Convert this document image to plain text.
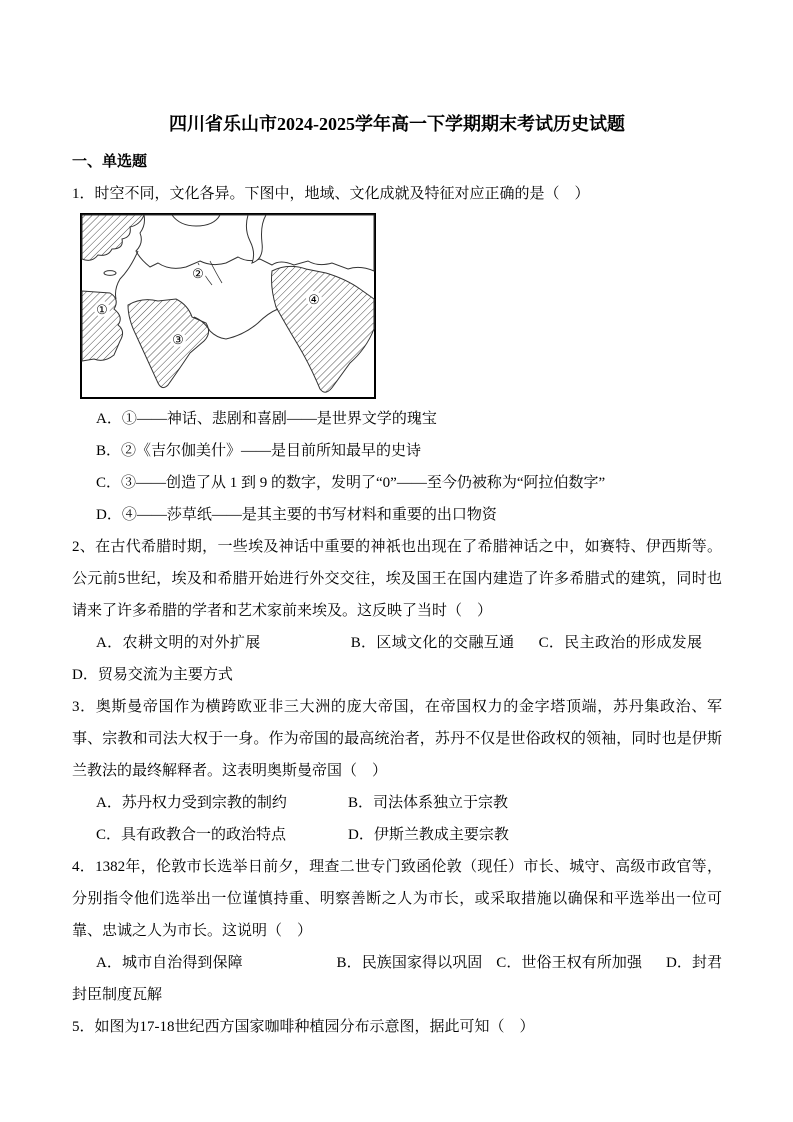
四川省乐山市2024-2025学年高一下学期期末考试历史试题
一、单选题

1．时空不同，文化各异。下图中，地域、文化成就及特征对应正确的是（　）

①
②
③
④

A．①——神话、悲剧和喜剧——是世界文学的瑰宝

B．②《吉尔伽美什》——是目前所知最早的史诗

C．③——创造了从 1 到 9 的数字，发明了“0”——至今仍被称为“阿拉伯数字”

D．④——莎草纸——是其主要的书写材料和重要的出口物资

2、在古代希腊时期，一些埃及神话中重要的神祇也出现在了希腊神话之中，如赛特、伊西斯等。公元前5世纪，埃及和希腊开始进行外交交往，埃及国王在国内建造了许多希腊式的建筑，同时也请来了许多希腊的学者和艺术家前来埃及。这反映了当时（　）

A．农耕文明的对外扩展	B．区域文化的交融互通 C．民主政治的形成发展 D．贸易交流为主要方式

3．奥斯曼帝国作为横跨欧亚非三大洲的庞大帝国，在帝国权力的金字塔顶端，苏丹集政治、军事、宗教和司法大权于一身。作为帝国的最高统治者，苏丹不仅是世俗政权的领袖，同时也是伊斯兰教法的最终解释者。这表明奥斯曼帝国（　）

A．苏丹权力受到宗教的制约	B．司法体系独立于宗教
C．具有政教合一的政治特点	D．伊斯兰教成主要宗教

4．1382年，伦敦市长选举日前夕，理查二世专门致函伦敦（现任）市长、城守、高级市政官等，分别指令他们选举出一位谨慎持重、明察善断之人为市长，或采取措施以确保和平选举出一位可靠、忠诚之人为市长。这说明（　）

A．城市自治得到保障	B．民族国家得以巩固 C．世俗王权有所加强 D．封君封臣制度瓦解

5．如图为17-18世纪西方国家咖啡种植园分布示意图，据此可知（　）
